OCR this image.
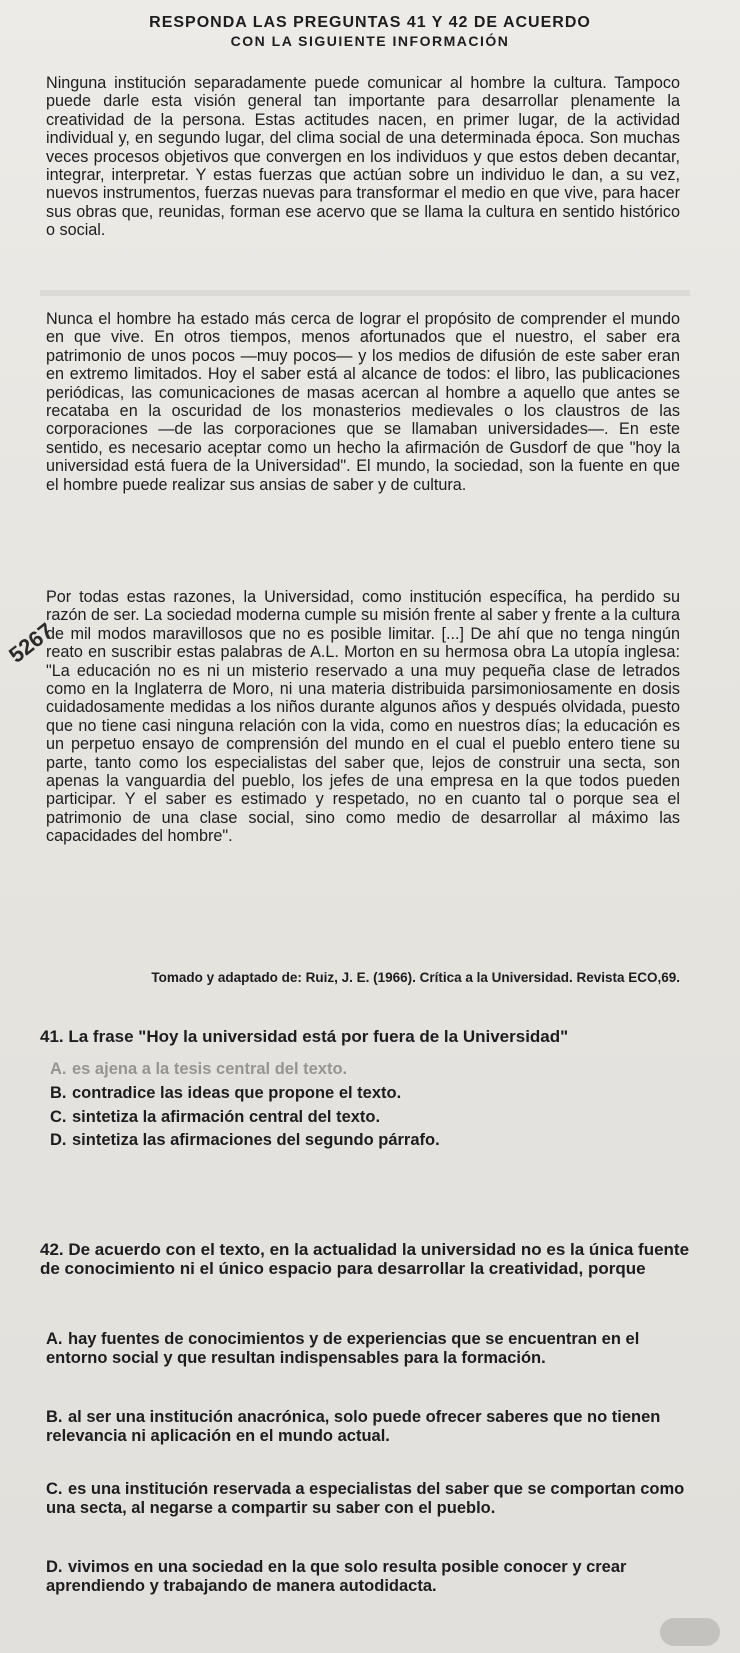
RESPONDA LAS PREGUNTAS 41 Y 42 DE ACUERDO
CON LA SIGUIENTE INFORMACIÓN

Ninguna institución separadamente puede comunicar al hombre la cultura. Tampoco puede darle esta visión general tan importante para desarrollar plenamente la creatividad de la persona. Estas actitudes nacen, en primer lugar, de la actividad individual y, en segundo lugar, del clima social de una determinada época. Son muchas veces procesos objetivos que convergen en los individuos y que estos deben decantar, integrar, interpretar. Y estas fuerzas que actúan sobre un individuo le dan, a su vez, nuevos instrumentos, fuerzas nuevas para transformar el medio en que vive, para hacer sus obras que, reunidas, forman ese acervo que se llama la cultura en sentido histórico o social.

Nunca el hombre ha estado más cerca de lograr el propósito de comprender el mundo en que vive. En otros tiempos, menos afortunados que el nuestro, el saber era patrimonio de unos pocos —muy pocos— y los medios de difusión de este saber eran en extremo limitados. Hoy el saber está al alcance de todos: el libro, las publicaciones periódicas, las comunicaciones de masas acercan al hombre a aquello que antes se recataba en la oscuridad de los monasterios medievales o los claustros de las corporaciones —de las corporaciones que se llamaban universidades—. En este sentido, es necesario aceptar como un hecho la afirmación de Gusdorf de que "hoy la universidad está fuera de la Universidad". El mundo, la sociedad, son la fuente en que el hombre puede realizar sus ansias de saber y de cultura.

Por todas estas razones, la Universidad, como institución específica, ha perdido su razón de ser. La sociedad moderna cumple su misión frente al saber y frente a la cultura de mil modos maravillosos que no es posible limitar. [...] De ahí que no tenga ningún reato en suscribir estas palabras de A.L. Morton en su hermosa obra La utopía inglesa: "La educación no es ni un misterio reservado a una muy pequeña clase de letrados como en la Inglaterra de Moro, ni una materia distribuida parsimoniosamente en dosis cuidadosamente medidas a los niños durante algunos años y después olvidada, puesto que no tiene casi ninguna relación con la vida, como en nuestros días; la educación es un perpetuo ensayo de comprensión del mundo en el cual el pueblo entero tiene su parte, tanto como los especialistas del saber que, lejos de construir una secta, son apenas la vanguardia del pueblo, los jefes de una empresa en la que todos pueden participar. Y el saber es estimado y respetado, no en cuanto tal o porque sea el patrimonio de una clase social, sino como medio de desarrollar al máximo las capacidades del hombre".

5267
Tomado y adaptado de: Ruiz, J. E. (1966). Crítica a la Universidad. Revista ECO,69.
41. La frase "Hoy la universidad está por fuera de la Universidad"
A. es ajena a la tesis central del texto.
B. contradice las ideas que propone el texto.
C. sintetiza la afirmación central del texto.
D. sintetiza las afirmaciones del segundo párrafo.
42. De acuerdo con el texto, en la actualidad la universidad no es la única fuente de conocimiento ni el único espacio para desarrollar la creatividad, porque
A. hay fuentes de conocimientos y de experiencias que se encuentran en el entorno social y que resultan indispensables para la formación.
B. al ser una institución anacrónica, solo puede ofrecer saberes que no tienen relevancia ni aplicación en el mundo actual.
C. es una institución reservada a especialistas del saber que se comportan como una secta, al negarse a compartir su saber con el pueblo.
D. vivimos en una sociedad en la que solo resulta posible conocer y crear aprendiendo y trabajando de manera autodidacta.
